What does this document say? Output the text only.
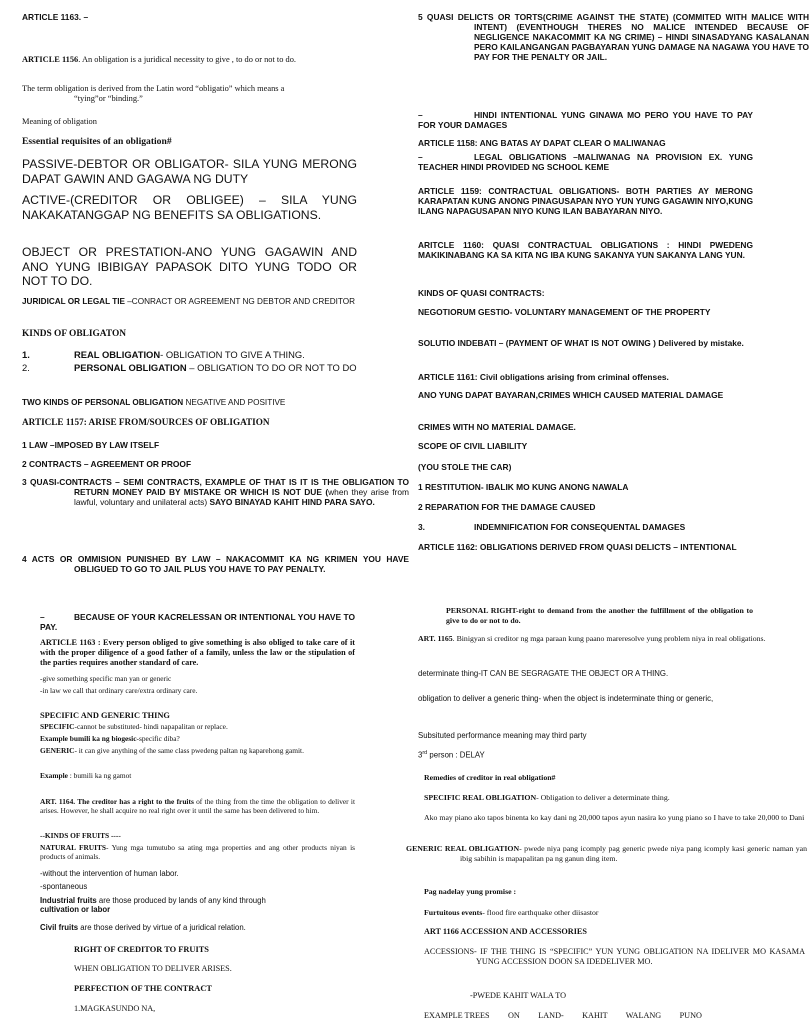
ARTICLE 1163. –

ARTICLE 1156. An obligation is a juridical necessity to give , to do or not to do.

The term obligation is derived from the Latin word “obligatio” which means a
“tying”or “binding.”

Meaning of obligation

Essential requisites of an obligation#

PASSIVE-DEBTOR OR OBLIGATOR- SILA YUNG MERONG DAPAT GAWIN AND GAGAWA NG DUTY

ACTIVE-(CREDITOR OR OBLIGEE) – SILA YUNG NAKAKATANGGAP NG BENEFITS SA OBLIGATIONS.

OBJECT OR PRESTATION-ANO YUNG GAGAWIN AND ANO YUNG IBIBIGAY PAPASOK DITO YUNG TODO OR NOT TO DO.

JURIDICAL OR LEGAL TIE –CONRACT OR AGREEMENT NG DEBTOR AND CREDITOR

KINDS OF OBLIGATON

1.	REAL OBLIGATION- OBLIGATION TO GIVE A THING.

2.	PERSONAL OBLIGATION – OBLIGATION TO DO OR NOT TO DO

TWO KINDS OF PERSONAL OBLIGATION NEGATIVE AND POSITIVE

ARTICLE 1157: ARISE FROM/SOURCES OF OBLIGATION

1 LAW –IMPOSED BY LAW ITSELF

2 CONTRACTS – AGREEMENT OR PROOF

3 QUASI-CONTRACTS – SEMI CONTRACTS, EXAMPLE OF THAT IS IT IS THE OBLIGATION TO RETURN MONEY PAID BY MISTAKE OR WHICH IS NOT DUE (when they arise from lawful, voluntary and unilateral acts) SAYO BINAYAD KAHIT HIND PARA SAYO.

4 ACTS OR OMMISION PUNISHED BY LAW – NAKACOMMIT KA NG KRIMEN YOU HAVE OBLIGUED TO GO TO JAIL PLUS YOU HAVE TO PAY PENALTY.

5 QUASI DELICTS OR TORTS(CRIME AGAINST THE STATE) (COMMITED WITH MALICE WITH INTENT) (EVENTHOUGH THERES NO MALICE INTENDED BECAUSE OF NEGLIGENCE NAKACOMMIT KA NG CRIME) – HINDI SINASADYANG KASALANAN PERO KAILANGANGAN PAGBAYARAN YUNG DAMAGE NA NAGAWA YOU HAVE TO PAY FOR THE PENALTY OR JAIL.

–	HINDI INTENTIONAL YUNG GINAWA MO PERO YOU HAVE TO PAY FOR YOUR DAMAGES

ARTICLE 1158: ANG BATAS AY DAPAT CLEAR O MALIWANAG

–	LEGAL OBLIGATIONS –MALIWANAG NA PROVISION EX. YUNG TEACHER HINDI PROVIDED NG SCHOOL KEME

ARTICLE 1159: CONTRACTUAL OBLIGATIONS- BOTH PARTIES AY MERONG KARAPATAN KUNG ANONG PINAGUSAPAN NYO YUN YUNG GAGAWIN NIYO,KUNG ILANG NAPAGUSAPAN NIYO KUNG ILAN BABAYARAN NIYO.

ARITCLE 1160: QUASI CONTRACTUAL OBLIGATIONS : HINDI PWEDENG MAKIKINABANG KA SA KITA NG IBA KUNG SAKANYA YUN SAKANYA LANG YUN.

KINDS OF QUASI CONTRACTS:

NEGOTIORUM GESTIO- VOLUNTARY MANAGEMENT OF THE PROPERTY

SOLUTIO INDEBATI – (PAYMENT OF WHAT IS NOT OWING ) Delivered by mistake.

ARTICLE 1161: Civil obligations arising from criminal offenses.

ANO YUNG DAPAT BAYARAN,CRIMES WHICH CAUSED MATERIAL DAMAGE

CRIMES WITH NO MATERIAL DAMAGE.

SCOPE OF CIVIL LIABILITY

(YOU STOLE THE CAR)

1 RESTITUTION- IBALIK MO KUNG ANONG NAWALA

2 REPARATION FOR THE DAMAGE CAUSED

3.	INDEMNIFICATION FOR CONSEQUENTAL DAMAGES

ARTICLE 1162: OBLIGATIONS DERIVED FROM QUASI DELICTS – INTENTIONAL

–	BECAUSE OF YOUR KACRELESSAN OR INTENTIONAL YOU HAVE TO PAY.

ARTICLE 1163 : Every person obliged to give something is also obliged to take care of it with the proper diligence of a good father of a family, unless the law or the stipulation of the parties requires another standard of care.

-give something specific man yan or generic

-in law we call that ordinary care/extra ordinary care.

SPECIFIC AND GENERIC THING

SPECIFIC-cannot be substituted- hindi napapalitan or replace.

Example bumili ka ng biogesic-specific diba?

GENERIC- it can give anything of the same class pwedeng paltan ng kaparehong gamit.

Example : bumili ka ng gamot

ART. 1164. The creditor has a right to the fruits of the thing from the time the obligation to deliver it arises. However, he shall acquire no real right over it until the same has been delivered to him.

--KINDS OF FRUITS ----

NATURAL FRUITS- Yung mga tumutubo sa ating mga properties and ang other products niyan is products of animals.

-without the intervention of human labor.

-spontaneous

Industrial fruits are those produced by lands of any kind through
cultivation or labor

Civil fruits are those derived by virtue of a juridical relation.

RIGHT OF CREDITOR TO FRUITS

WHEN OBLIGATION TO DELIVER ARISES.

PERFECTION OF THE CONTRACT

1.MAGKASUNDO NA,

PERSONAL RIGHT-right to demand from the another the fulfillment of the obligation to give to do or not to do.

ART. 1165. Binigyan si creditor ng mga paraan kung paano mareresolve yung problem niya in real obligations.

determinate thing-IT CAN BE SEGRAGATE THE OBJECT OR A THING.

obligation to deliver a generic thing- when the object is indeterminate thing or generic,

Subsituted performance meaning may third party

3rd person : DELAY

Remedies of creditor in real obligation#

SPECIFIC REAL OBLIGATION- Obligation to deliver a determinate thing.

Ako may piano ako tapos binenta ko kay dani ng 20,000 tapos ayun nasira ko yung piano so I have to take 20,000 to Dani

GENERIC REAL OBLIGATION- pwede niya pang icomply pag generic pwede niya pang icomply kasi generic naman yan ibig sabihin is mapapalitan pa ng ganun ding item.

Pag nadelay yung promise :

Furtuitous events- flood fire earthquake other diisastor

ART 1166 ACCESSION AND ACCESSORIES

ACCESSIONS- IF THE THING IS “SPECIFIC” YUN YUNG OBLIGATION NA IDELIVER MO KASAMA YUNG ACCESSION DOON SA IDEDELIVER MO.

-PWEDE KAHIT WALA TO

EXAMPLE TREES         ON         LAND-         KAHIT         WALANG         PUNO
